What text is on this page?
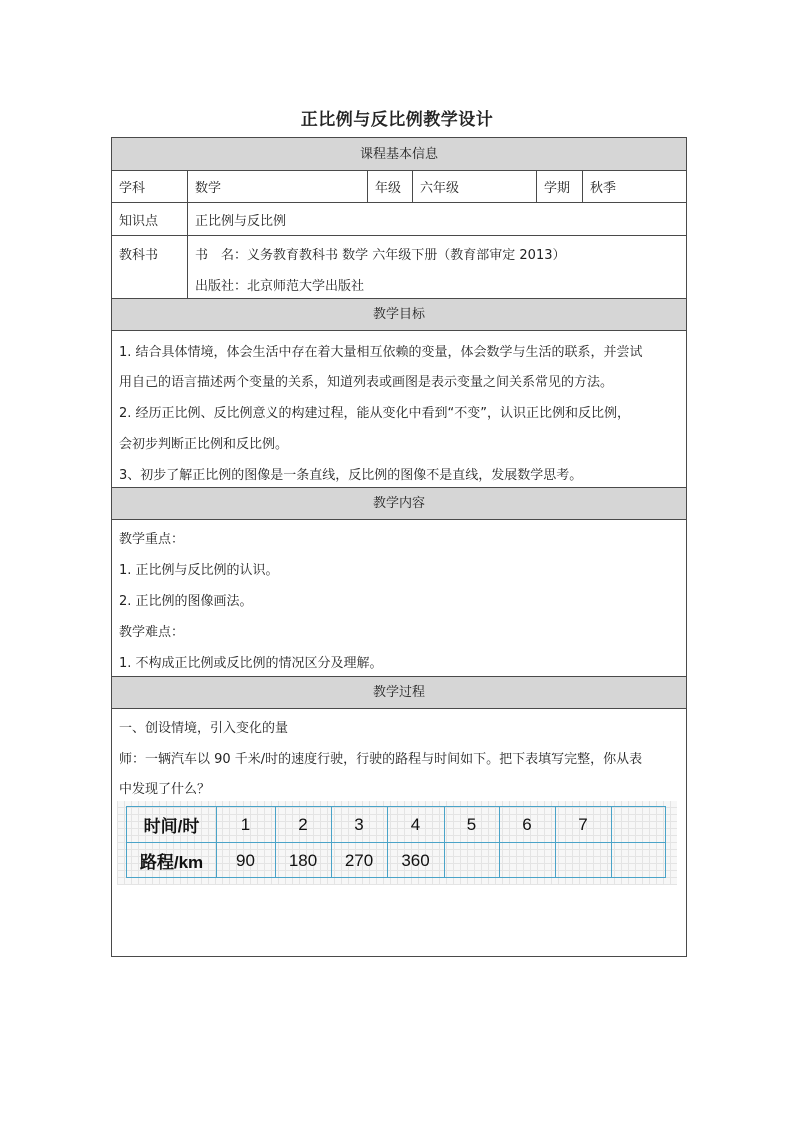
正比例与反比例教学设计
课程基本信息
学科	数学	年级	六年级	学期	秋季
知识点	正比例与反比例
教科书	书　名：义务教育教科书 数学 六年级下册（教育部审定 2013）
出版社：北京师范大学出版社
教学目标
1. 结合具体情境，体会生活中存在着大量相互依赖的变量，体会数学与生活的联系，并尝试
用自己的语言描述两个变量的关系，知道列表或画图是表示变量之间关系常见的方法。
2. 经历正比例、反比例意义的构建过程，能从变化中看到“不变”，认识正比例和反比例，
会初步判断正比例和反比例。
3、初步了解正比例的图像是一条直线，反比例的图像不是直线，发展数学思考。
教学内容
教学重点：
1. 正比例与反比例的认识。
2. 正比例的图像画法。
教学难点：
1. 不构成正比例或反比例的情况区分及理解。
教学过程
一、创设情境，引入变化的量
师：一辆汽车以 90 千米/时的速度行驶，行驶的路程与时间如下。把下表填写完整，你从表
中发现了什么？
时间/时	1	2	3	4	5	6	7
路程/km	90	180	270	360
